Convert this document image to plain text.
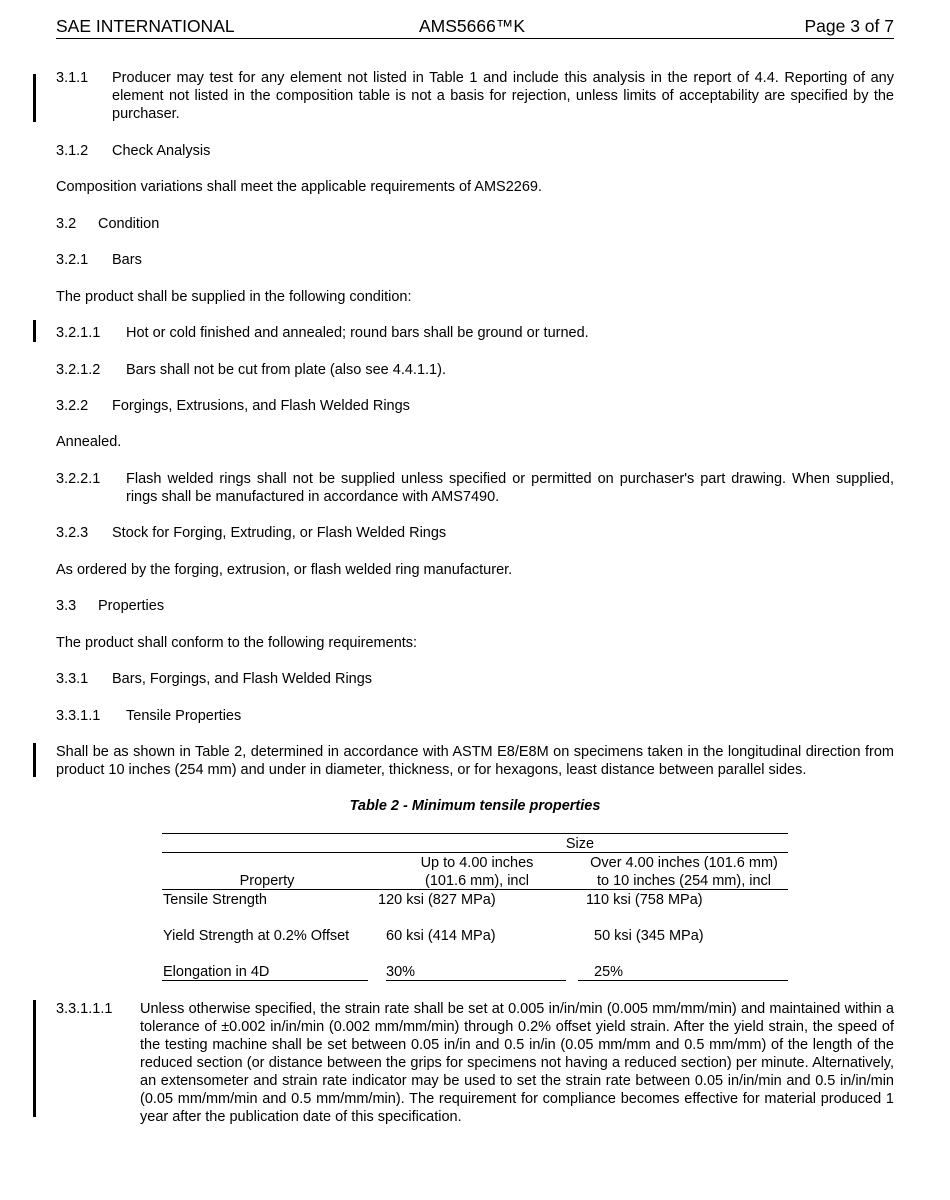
SAE INTERNATIONAL	AMS5666™K	Page 3 of 7
3.1.1 Producer may test for any element not listed in Table 1 and include this analysis in the report of 4.4. Reporting of any element not listed in the composition table is not a basis for rejection, unless limits of acceptability are specified by the purchaser.
3.1.2 Check Analysis
Composition variations shall meet the applicable requirements of AMS2269.
3.2 Condition
3.2.1 Bars
The product shall be supplied in the following condition:
3.2.1.1 Hot or cold finished and annealed; round bars shall be ground or turned.
3.2.1.2 Bars shall not be cut from plate (also see 4.4.1.1).
3.2.2 Forgings, Extrusions, and Flash Welded Rings
Annealed.
3.2.2.1 Flash welded rings shall not be supplied unless specified or permitted on purchaser's part drawing. When supplied, rings shall be manufactured in accordance with AMS7490.
3.2.3 Stock for Forging, Extruding, or Flash Welded Rings
As ordered by the forging, extrusion, or flash welded ring manufacturer.
3.3 Properties
The product shall conform to the following requirements:
3.3.1 Bars, Forgings, and Flash Welded Rings
3.3.1.1 Tensile Properties
Shall be as shown in Table 2, determined in accordance with ASTM E8/E8M on specimens taken in the longitudinal direction from product 10 inches (254 mm) and under in diameter, thickness, or for hexagons, least distance between parallel sides.
Table 2 - Minimum tensile properties
Size
Up to 4.00 inches
(101.6 mm), incl
Over 4.00 inches (101.6 mm)
to 10 inches (254 mm), incl
Property
Tensile Strength	120 ksi (827 MPa)	110 ksi (758 MPa)
Yield Strength at 0.2% Offset	60 ksi (414 MPa)	50 ksi (345 MPa)
Elongation in 4D	30%	25%
3.3.1.1.1 Unless otherwise specified, the strain rate shall be set at 0.005 in/in/min (0.005 mm/mm/min) and maintained within a tolerance of ±0.002 in/in/min (0.002 mm/mm/min) through 0.2% offset yield strain. After the yield strain, the speed of the testing machine shall be set between 0.05 in/in and 0.5 in/in (0.05 mm/mm and 0.5 mm/mm) of the length of the reduced section (or distance between the grips for specimens not having a reduced section) per minute. Alternatively, an extensometer and strain rate indicator may be used to set the strain rate between 0.05 in/in/min and 0.5 in/in/min (0.05 mm/mm/min and 0.5 mm/mm/min). The requirement for compliance becomes effective for material produced 1 year after the publication date of this specification.
